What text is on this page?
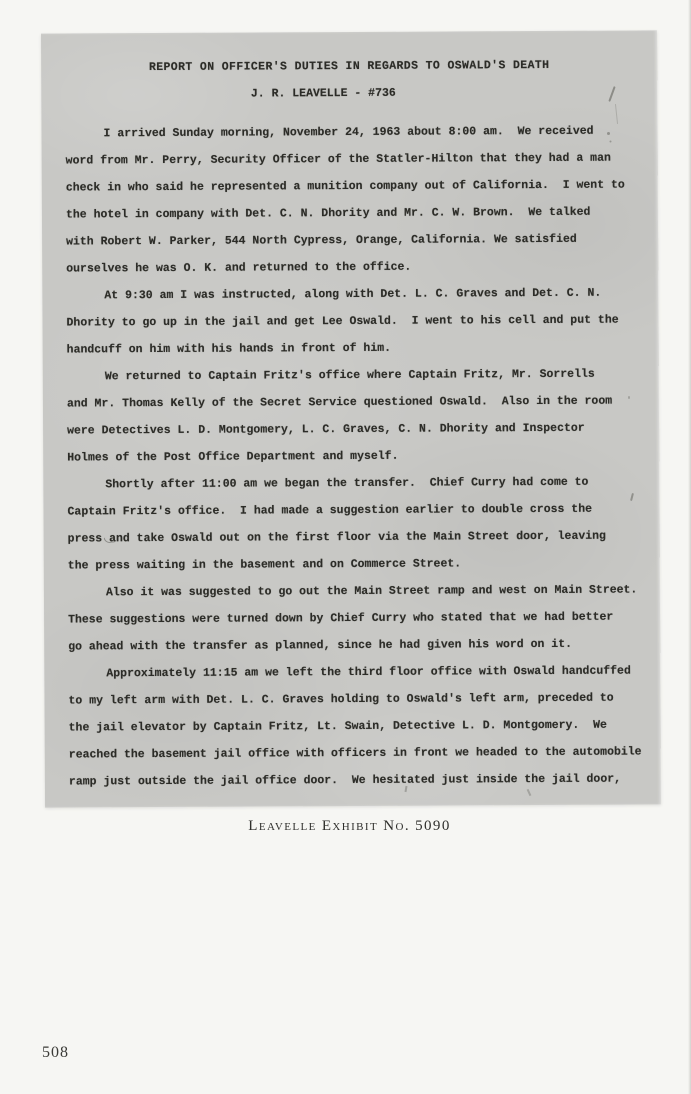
REPORT ON OFFICER'S DUTIES IN REGARDS TO OSWALD'S DEATH
J. R. LEAVELLE - #736
I arrived Sunday morning, November 24, 1963 about 8:00 am.  We received
word from Mr. Perry, Security Officer of the Statler-Hilton that they had a man
check in who said he represented a munition company out of California.  I went to
the hotel in company with Det. C. N. Dhority and Mr. C. W. Brown.  We talked
with Robert W. Parker, 544 North Cypress, Orange, California. We satisfied
ourselves he was O. K. and returned to the office.
At 9:30 am I was instructed, along with Det. L. C. Graves and Det. C. N.
Dhority to go up in the jail and get Lee Oswald.  I went to his cell and put the
handcuff on him with his hands in front of him.
We returned to Captain Fritz's office where Captain Fritz, Mr. Sorrells
and Mr. Thomas Kelly of the Secret Service questioned Oswald.  Also in the room
were Detectives L. D. Montgomery, L. C. Graves, C. N. Dhority and Inspector
Holmes of the Post Office Department and myself.
Shortly after 11:00 am we began the transfer.  Chief Curry had come to
Captain Fritz's office.  I had made a suggestion earlier to double cross the
press and take Oswald out on the first floor via the Main Street door, leaving
the press waiting in the basement and on Commerce Street.
Also it was suggested to go out the Main Street ramp and west on Main Street.
These suggestions were turned down by Chief Curry who stated that we had better
go ahead with the transfer as planned, since he had given his word on it.
Approximately 11:15 am we left the third floor office with Oswald handcuffed
to my left arm with Det. L. C. Graves holding to Oswald's left arm, preceded to
the jail elevator by Captain Fritz, Lt. Swain, Detective L. D. Montgomery.  We
reached the basement jail office with officers in front we headed to the automobile
ramp just outside the jail office door.  We hesitated just inside the jail door,
Leavelle Exhibit No. 5090
508
